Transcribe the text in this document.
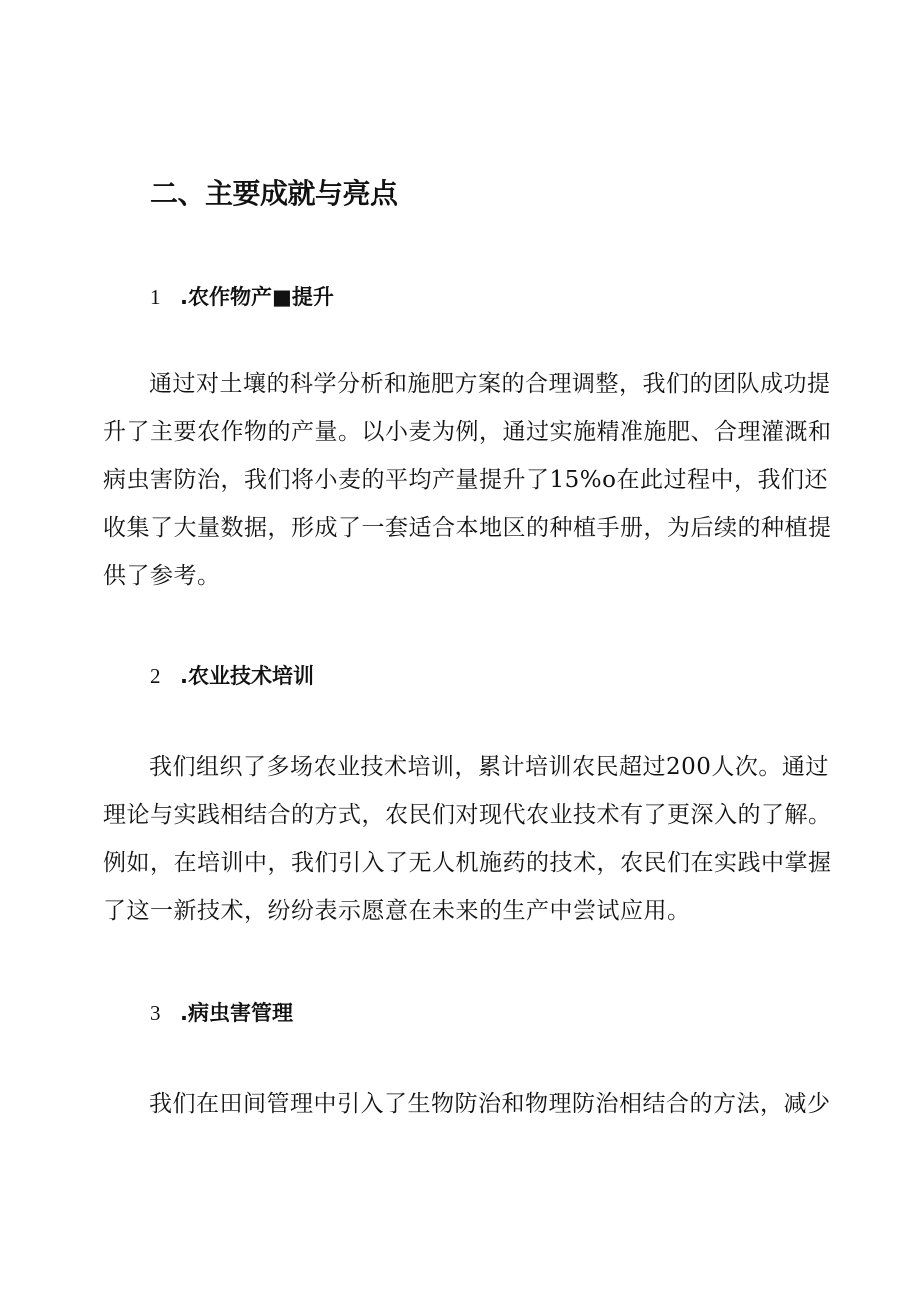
二、主要成就与亮点
1 .农作物产■提升
通过对土壤的科学分析和施肥方案的合理调整，我们的团队成功提
升了主要农作物的产量。以小麦为例，通过实施精准施肥、合理灌溉和
病虫害防治，我们将小麦的平均产量提升了15%o在此过程中，我们还
收集了大量数据，形成了一套适合本地区的种植手册，为后续的种植提
供了参考。
2 .农业技术培训
我们组织了多场农业技术培训，累计培训农民超过200人次。通过
理论与实践相结合的方式，农民们对现代农业技术有了更深入的了解。
例如，在培训中，我们引入了无人机施药的技术，农民们在实践中掌握
了这一新技术，纷纷表示愿意在未来的生产中尝试应用。
3 .病虫害管理
我们在田间管理中引入了生物防治和物理防治相结合的方法，减少
